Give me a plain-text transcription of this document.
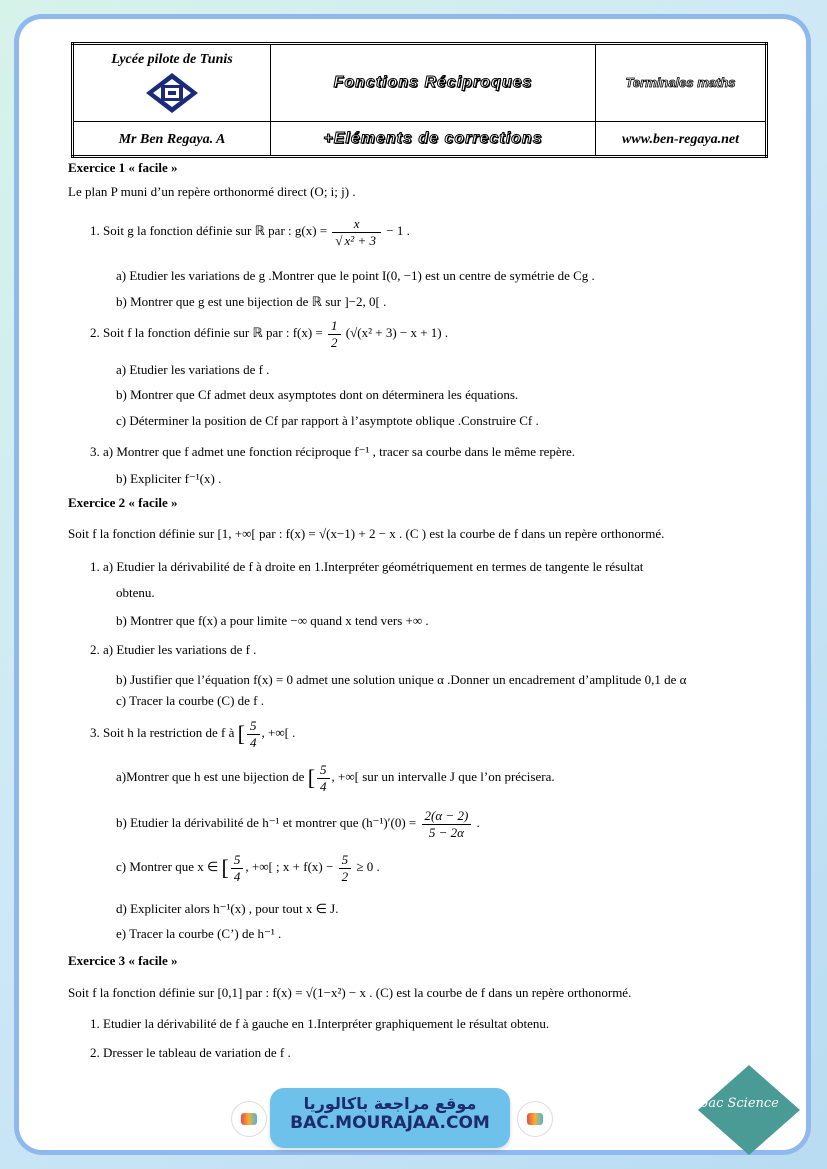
Lycée pilote de Tunis	Fonctions Réciproques	Terminales maths
Mr Ben Regaya. A	+Eléments de corrections	www.ben-regaya.net
Exercice 1 « facile »
Le plan P muni d’un repère orthonormé direct (O; i; j) .
1. Soit g la fonction définie sur ℝ par : $g(x) = \frac{x}{\text{√ x² + 3}} - 1$ .
a) Etudier les variations de g .Montrer que le point I(0, −1) est un centre de symétrie de Cg .
b) Montrer que g est une bijection de ℝ sur ]−2, 0[ .
2. Soit f la fonction définie sur ℝ par : $f(x) = \frac{1}{2} (√(x^2 + 3) - x + 1)$ .
a) Etudier les variations de f .
b) Montrer que Cf admet deux asymptotes dont on déterminera les équations.
c) Déterminer la position de Cf par rapport à l’asymptote oblique .Construire Cf .
3. a) Montrer que f admet une fonction réciproque f⁻¹ , tracer sa courbe dans le même repère.
b) Expliciter f⁻¹(x) .
Exercice 2 « facile »
Soit f la fonction définie sur [1, +∞[ par : f(x) = √(x−1) + 2 − x . (C ) est la courbe de f dans un repère orthonormé.
1. a) Etudier la dérivabilité de f à droite en 1.Interpréter géométriquement en termes de tangente le résultat
obtenu.
b) Montrer que f(x) a pour limite −∞ quand x tend vers +∞ .
2. a) Etudier les variations de f .
b) Justifier que l’équation f(x) = 0 admet une solution unique α .Donner un encadrement d’amplitude 0,1 de α
c) Tracer la courbe (C) de f .
3. Soit h la restriction de f à [ $\frac{5}{4}$ , +∞[ .
a)Montrer que h est une bijection de [ $\frac{5}{4}$ , +∞[ sur un intervalle J que l’on précisera.
b) Etudier la dérivabilité de h⁻¹ et montrer que $(h^{-1})'(0) = \frac{2(\alpha - 2)}{5 - 2\alpha}$ .
c) Montrer que x ∈ [ $\frac{5}{4}$ , +∞[ ; $x + f(x) - \frac{5}{2} \ge 0$ .
d) Expliciter alors h⁻¹(x) , pour tout x ∈ J.
e) Tracer la courbe (C’) de h⁻¹ .
Exercice 3 « facile »
Soit f la fonction définie sur [0,1] par : f(x) = √(1−x²) − x . (C) est la courbe de f dans un repère orthonormé.
1. Etudier la dérivabilité de f à gauche en 1.Interpréter graphiquement le résultat obtenu.
2. Dresser le tableau de variation de f .
موقع مراجعة باكالوريا
BAC.MOURAJAA.COM
bac Science
